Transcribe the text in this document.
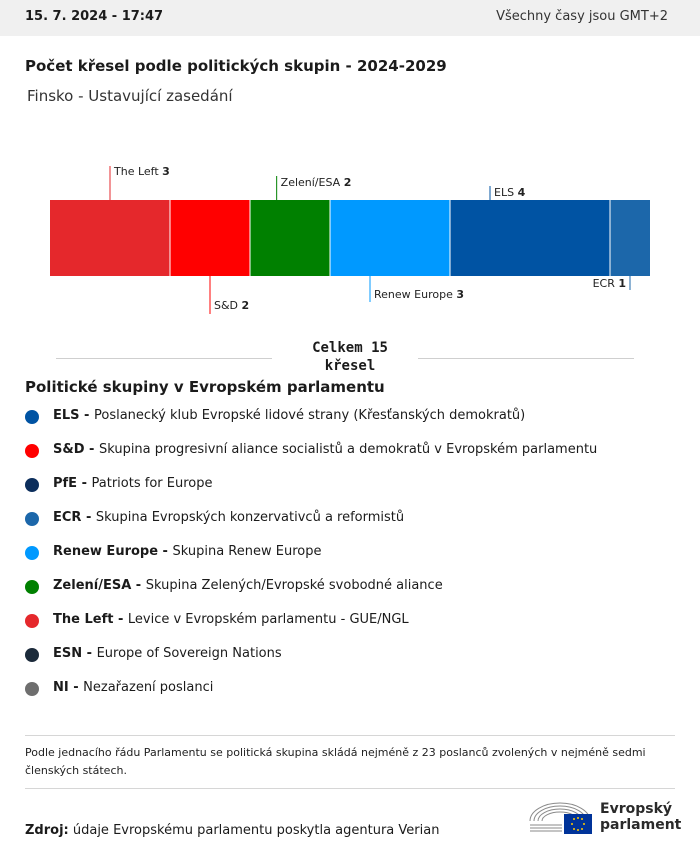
15. 7. 2024 - 17:47	Všechny časy jsou GMT+2
Počet křesel podle politických skupin - 2024-2029
Finsko - Ustavující zasedání
The Left 3
S&D 2
Zelení/ESA 2
Renew Europe 3
ELS 4
ECR 1
Celkem 15
křesel
Politické skupiny v Evropském parlamentu
ELS - Poslanecký klub Evropské lidové strany (Křesťanských demokratů)
S&D - Skupina progresivní aliance socialistů a demokratů v Evropském parlamentu
PfE - Patriots for Europe
ECR - Skupina Evropských konzervativců a reformistů
Renew Europe - Skupina Renew Europe
Zelení/ESA - Skupina Zelených/Evropské svobodné aliance
The Left - Levice v Evropském parlamentu - GUE/NGL
ESN - Europe of Sovereign Nations
NI - Nezařazení poslanci
Podle jednacího řádu Parlamentu se politická skupina skládá nejméně z 23 poslanců zvolených v nejméně sedmi členských státech.
Zdroj: údaje Evropskému parlamentu poskytla agentura Verian
Evropský
parlament
